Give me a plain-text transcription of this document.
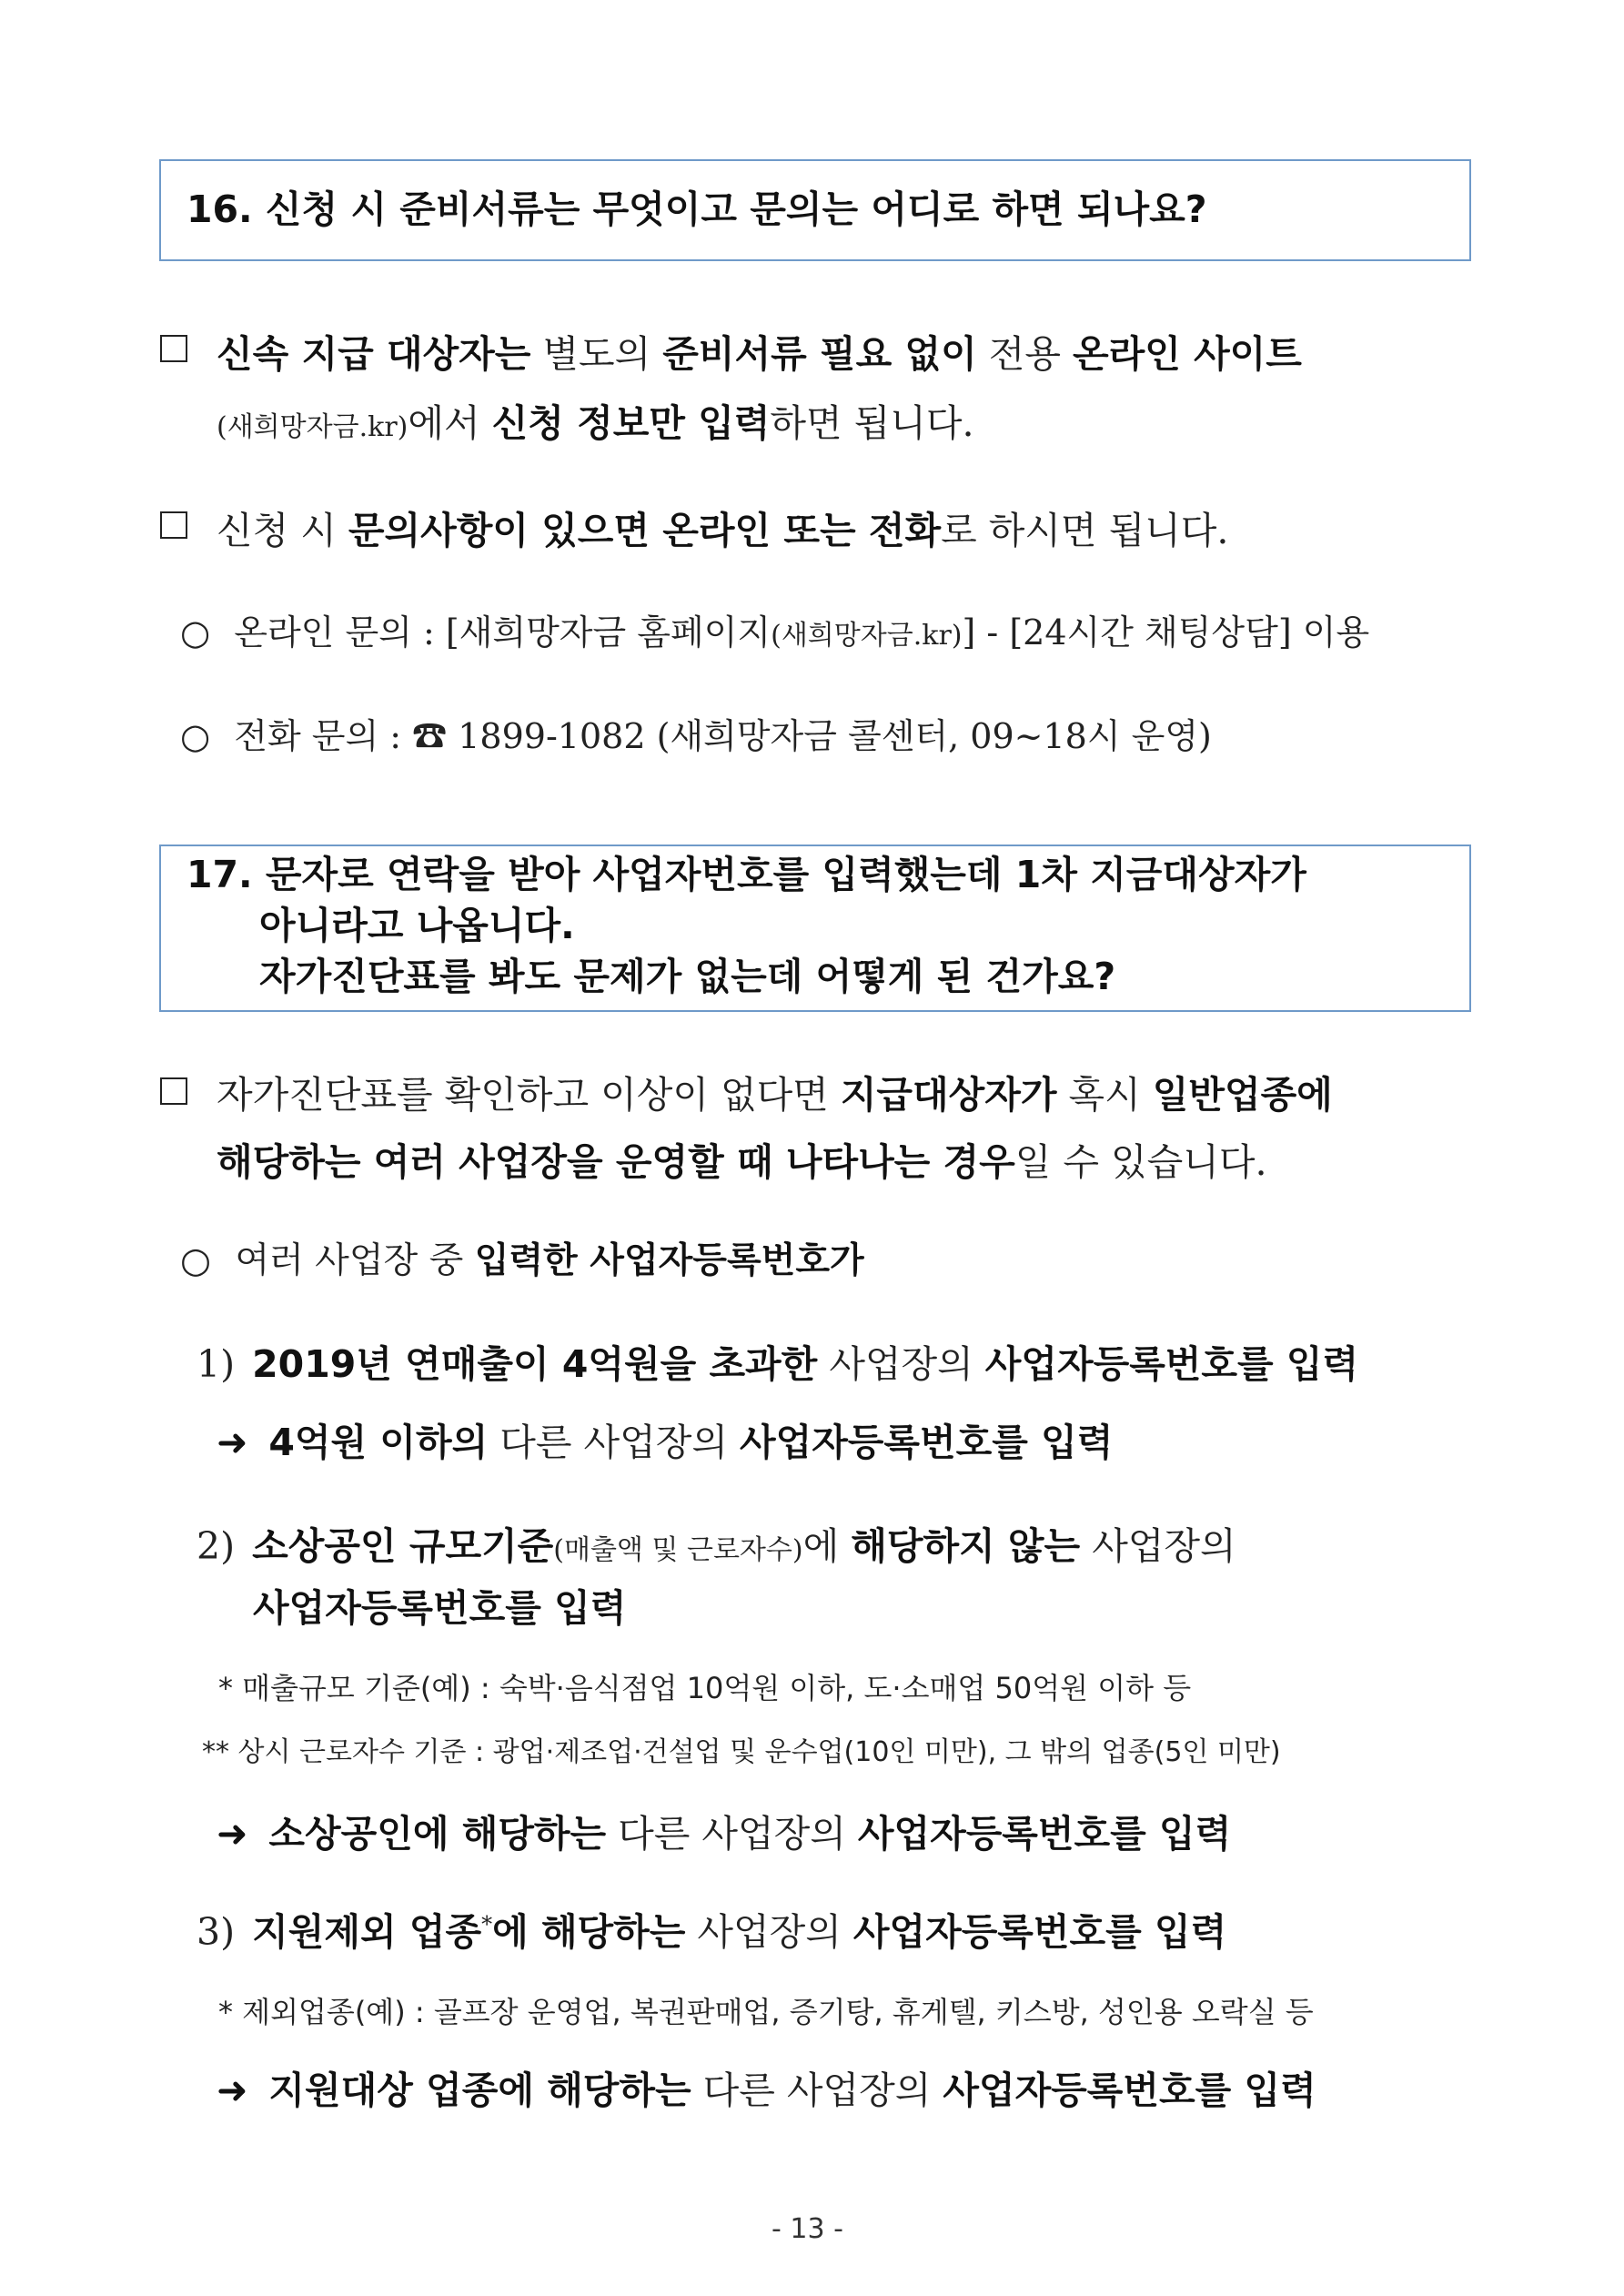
16. 신청 시 준비서류는 무엇이고 문의는 어디로 하면 되나요?
신속 지급 대상자는 별도의 준비서류 필요 없이 전용 온라인 사이트
(새희망자금.kr)에서 신청 정보만 입력하면 됩니다.
신청 시 문의사항이 있으면 온라인 또는 전화로 하시면 됩니다.
○ 온라인 문의 : [새희망자금 홈페이지(새희망자금.kr)] - [24시간 채팅상담] 이용
○ 전화 문의 : ☎ 1899-1082 (새희망자금 콜센터, 09~18시 운영)
17. 문자로 연락을 받아 사업자번호를 입력했는데 1차 지금대상자가
아니라고 나옵니다.
자가진단표를 봐도 문제가 없는데 어떻게 된 건가요?
자가진단표를 확인하고 이상이 없다면 지급대상자가 혹시 일반업종에
해당하는 여러 사업장을 운영할 때 나타나는 경우일 수 있습니다.
○ 여러 사업장 중 입력한 사업자등록번호가
1) 2019년 연매출이 4억원을 초과한 사업장의 사업자등록번호를 입력
➜ 4억원 이하의 다른 사업장의 사업자등록번호를 입력
2) 소상공인 규모기준(매출액 및 근로자수)에 해당하지 않는 사업장의
사업자등록번호를 입력
* 매출규모 기준(예) : 숙박·음식점업 10억원 이하, 도·소매업 50억원 이하 등
** 상시 근로자수 기준 : 광업·제조업·건설업 및 운수업(10인 미만), 그 밖의 업종(5인 미만)
➜ 소상공인에 해당하는 다른 사업장의 사업자등록번호를 입력
3) 지원제외 업종*에 해당하는 사업장의 사업자등록번호를 입력
* 제외업종(예) : 골프장 운영업, 복권판매업, 증기탕, 휴게텔, 키스방, 성인용 오락실 등
➜ 지원대상 업종에 해당하는 다른 사업장의 사업자등록번호를 입력
- 13 -
